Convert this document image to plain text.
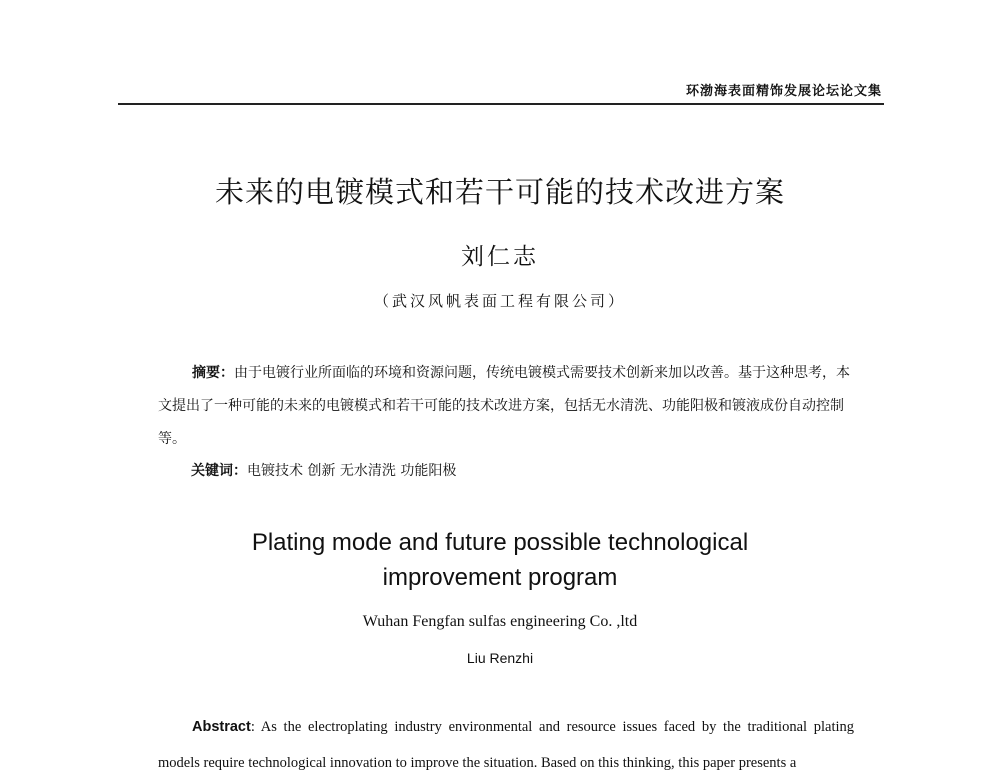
环渤海表面精饰发展论坛论文集
未来的电镀模式和若干可能的技术改进方案
刘仁志
（武汉风帆表面工程有限公司）

摘要：由于电镀行业所面临的环境和资源问题，传统电镀模式需要技术创新来加以改善。基于这种思考，本文提出了一种可能的未来的电镀模式和若干可能的技术改进方案，包括无水清洗、功能阳极和镀液成份自动控制等。

关键词：电镀技术 创新 无水清洗 功能阳极
Plating mode and future possible technological
improvement program
Wuhan Fengfan sulfas engineering Co. ,ltd
Liu Renzhi

Abstract: As the electroplating industry environmental and resource issues faced by the traditional plating models require technological innovation to improve the situation. Based on this thinking, this paper presents a
